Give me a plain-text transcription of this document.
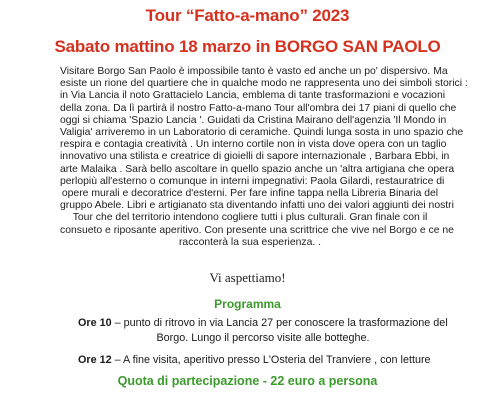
Tour “Fatto-a-mano” 2023
Sabato mattino 18 marzo in BORGO SAN PAOLO
Visitare Borgo San Paolo è impossibile tanto è vasto ed anche un po' dispersivo. Ma
esiste un rione del quartiere che in qualche modo ne rappresenta uno dei simboli storici :
in Via Lancia il noto Grattacielo Lancia, emblema di tante trasformazioni e vocazioni
della zona. Da lì partirà il nostro Fatto-a-mano Tour all'ombra dei 17 piani di quello che
oggi si chiama 'Spazio Lancia '. Guidati da Cristina Mairano dell'agenzia 'Il Mondo in
Valigia' arriveremo in un Laboratorio di ceramiche. Quindi lunga sosta in uno spazio che
respira e contagia creatività . Un interno cortile non in vista dove opera con un taglio
innovativo una stilista e creatrice di gioielli di sapore internazionale , Barbara Ebbi, in
arte Malaika . Sarà bello ascoltare in quello spazio anche un 'altra artigiana che opera
perlopiù all'esterno o comunque in interni impegnativi: Paola Gilardi, restauratrice di
opere murali e decoratrice d'esterni. Per fare infine tappa nella Libreria Binaria del
gruppo Abele. Libri e artigianato sta diventando infatti uno dei valori aggiunti dei nostri
Tour che del territorio intendono cogliere tutti i plus culturali. Gran finale con il
consueto e riposante aperitivo. Con presente una scrittrice che vive nel Borgo e ce ne
racconterà la sua esperienza. .
Vi aspettiamo!
Programma
Ore 10 – punto di ritrovo in via Lancia 27 per conoscere la trasformazione del
Borgo. Lungo il percorso visite alle botteghe.
Ore 12 – A fine visita, aperitivo presso L'Osteria del Tranviere , con letture
Quota di partecipazione - 22 euro a persona
